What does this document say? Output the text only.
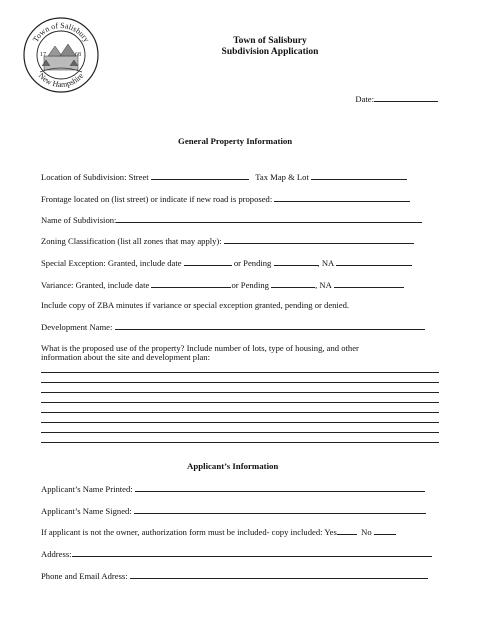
Town of Salisbury
New Hampshire
17	68
Town of Salisbury
Subdivision Application
Date:
General Property Information
Location of Subdivision: Street	Tax Map & Lot
Frontage located on (list street) or indicate if new road is proposed:
Name of Subdivision:
Zoning Classification (list all zones that may apply):
Special Exception: Granted, include date	or Pending	, NA
Variance: Granted, include date	or Pending	, NA
Include copy of ZBA minutes if variance or special exception granted, pending or denied.
Development Name:
What is the proposed use of the property? Include number of lots, type of housing, and other
information about the site and development plan:
Applicant’s Information
Applicant’s Name Printed:
Applicant’s Name Signed:
If applicant is not the owner, authorization form must be included- copy included: Yes	No
Address:
Phone and Email Adress:
